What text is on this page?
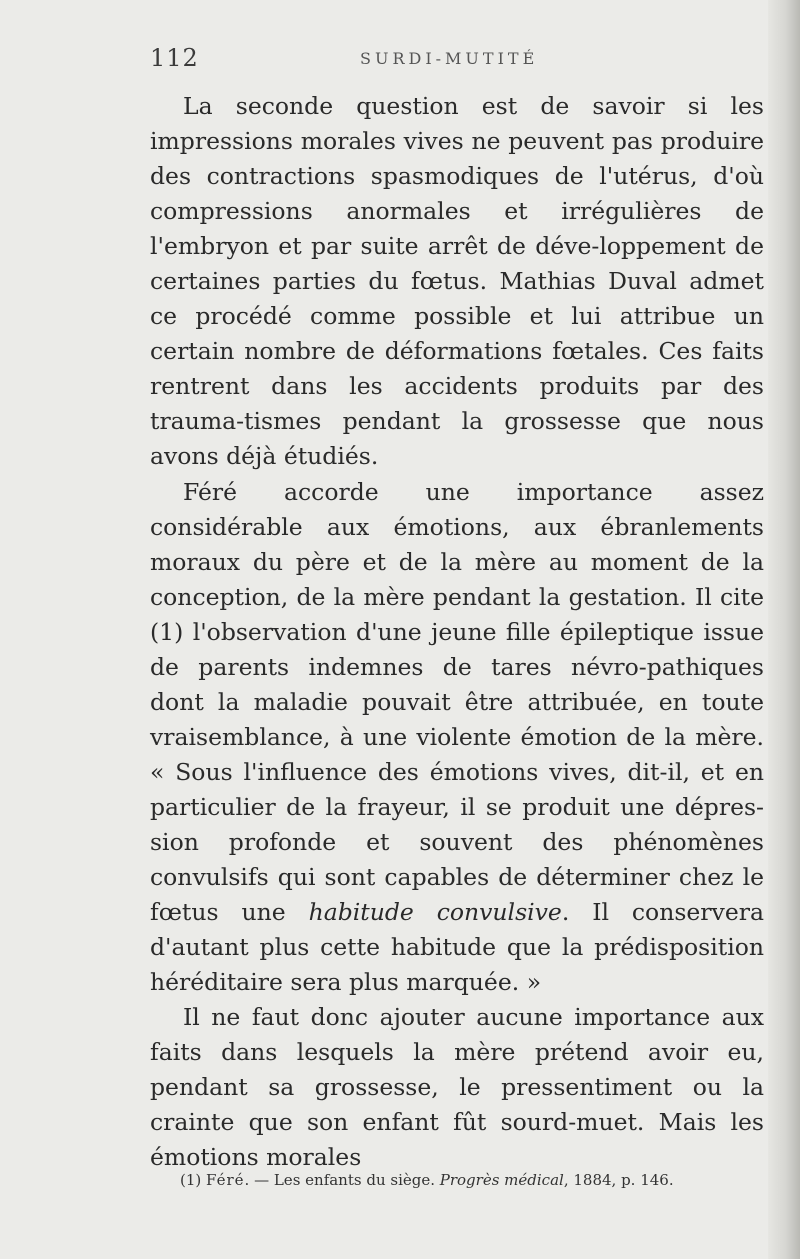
112	SURDI-MUTITÉ

La seconde question est de savoir si les impressions morales vives ne peuvent pas produire des contractions spasmodiques de l'utérus, d'où compressions anormales et irrégulières de l'embryon et par suite arrêt de déve-loppement de certaines parties du fœtus. Mathias Duval admet ce procédé comme possible et lui attribue un certain nombre de déformations fœtales. Ces faits rentrent dans les accidents produits par des trauma-tismes pendant la grossesse que nous avons déjà étudiés.

Féré accorde une importance assez considérable aux émotions, aux ébranlements moraux du père et de la mère au moment de la conception, de la mère pendant la gestation. Il cite (1) l'observation d'une jeune fille épileptique issue de parents indemnes de tares névro-pathiques dont la maladie pouvait être attribuée, en toute vraisemblance, à une violente émotion de la mère. « Sous l'influence des émotions vives, dit-il, et en particulier de la frayeur, il se produit une dépres-sion profonde et souvent des phénomènes convulsifs qui sont capables de déterminer chez le fœtus une habitude convulsive. Il conservera d'autant plus cette habitude que la prédisposition héréditaire sera plus marquée. »

Il ne faut donc ajouter aucune importance aux faits dans lesquels la mère prétend avoir eu, pendant sa grossesse, le pressentiment ou la crainte que son enfant fût sourd-muet. Mais les émotions morales

(1) Féré. — Les enfants du siège. Progrès médical, 1884, p. 146.
